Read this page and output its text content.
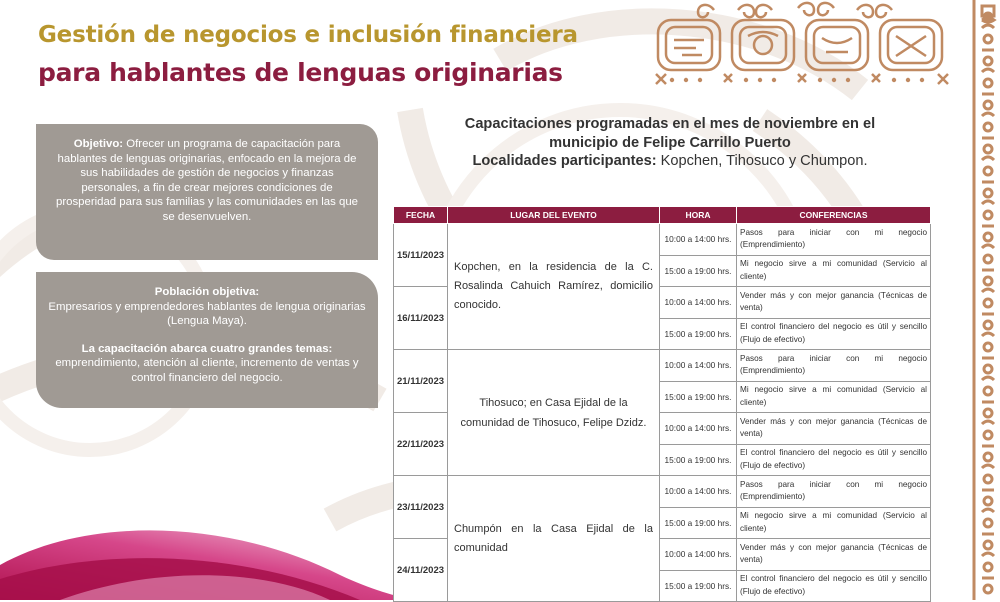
Gestión de negocios e inclusión financiera
para hablantes de lenguas originarias
Objetivo: Ofrecer un programa de capacitación para hablantes de lenguas originarias, enfocado en la mejora de sus habilidades de gestión de negocios y finanzas personales, a fin de crear mejores condiciones de prosperidad para sus familias y las comunidades en las que se desenvuelven.
Población objetiva:
Empresarios y emprendedores hablantes de lengua originarias (Lengua Maya).
La capacitación abarca cuatro grandes temas:
emprendimiento, atención al cliente, incremento de ventas y control financiero del negocio.
Capacitaciones programadas en el mes de noviembre en el
municipio de Felipe Carrillo Puerto
Localidades participantes: Kopchen, Tihosuco y Chumpon.
FECHA	LUGAR DEL EVENTO	HORA	CONFERENCIAS
15/11/2023	Kopchen, en la residencia de la C. Rosalinda Cahuich Ramírez, domicilio conocido.	10:00 a 14:00 hrs.	Pasos para iniciar con mi negocio (Emprendimiento)
		15:00 a 19:00 hrs.	Mi negocio sirve a mi comunidad (Servicio al cliente)
16/11/2023		10:00 a 14:00 hrs.	Vender más y con mejor ganancia (Técnicas de venta)
		15:00 a 19:00 hrs.	El control financiero del negocio es útil y sencillo (Flujo de efectivo)
21/11/2023	Tihosuco; en Casa Ejidal de la comunidad de Tihosuco, Felipe Dzidz.	10:00 a 14:00 hrs.	Pasos para iniciar con mi negocio (Emprendimiento)
		15:00 a 19:00 hrs.	Mi negocio sirve a mi comunidad (Servicio al cliente)
22/11/2023		10:00 a 14:00 hrs.	Vender más y con mejor ganancia (Técnicas de venta)
		15:00 a 19:00 hrs.	El control financiero del negocio es útil y sencillo (Flujo de efectivo)
23/11/2023	Chumpón en la Casa Ejidal de la comunidad	10:00 a 14:00 hrs.	Pasos para iniciar con mi negocio (Emprendimiento)
		15:00 a 19:00 hrs.	Mi negocio sirve a mi comunidad (Servicio al cliente)
24/11/2023		10:00 a 14:00 hrs.	Vender más y con mejor ganancia (Técnicas de venta)
		15:00 a 19:00 hrs.	El control financiero del negocio es útil y sencillo (Flujo de efectivo)
